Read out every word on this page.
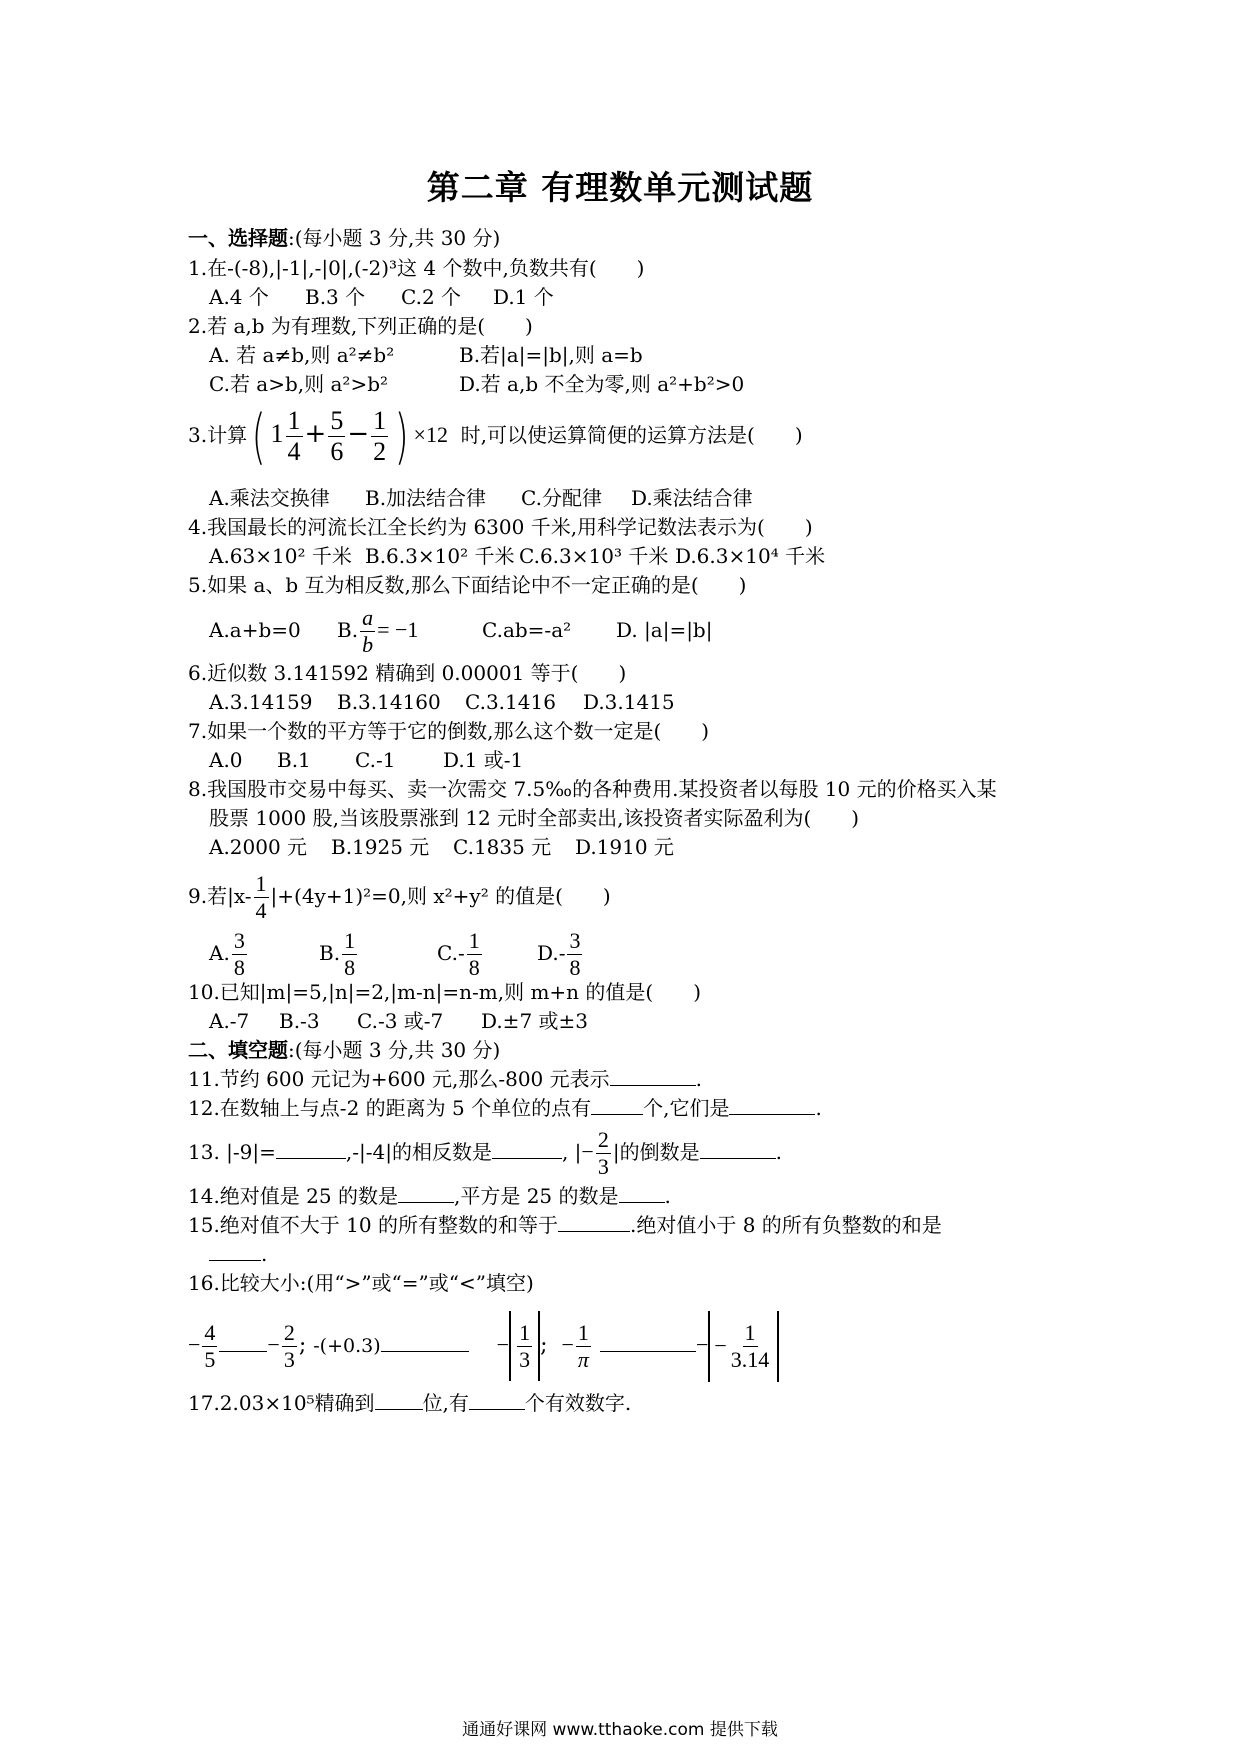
第二章 有理数单元测试题
一、选择题:(每小题 3 分,共 30 分)
1.在-(-8),|-1|,-|0|,(-2)³这 4 个数中,负数共有(　　)
A.4 个 B.3 个 C.2 个 D.1 个
2.若 a,b 为有理数,下列正确的是(　　)
A. 若 a≠b,则 a²≠b²	B.若|a|=|b|,则 a=b
C.若 a>b,则 a²>b²	D.若 a,b 不全为零,则 a²+b²>0
3.计算( $1 \frac{1}{4} + \frac{5}{6} - \frac{1}{2}$ ) ×12 时,可以使运算简便的运算方法是(　　)
A.乘法交换律 B.加法结合律 C.分配律 D.乘法结合律
4.我国最长的河流长江全长约为 6300 千米,用科学记数法表示为(　　)
A.63×10² 千米 B.6.3×10² 千米 C.6.3×10³ 千米 D.6.3×10⁴ 千米
5.如果 a、b 互为相反数,那么下面结论中不一定正确的是(　　)
A.a+b=0 B. $\frac{a}{b} = -1$	C.ab=-a² D. |a|=|b|
6.近似数 3.141592 精确到 0.00001 等于(　　)
A.3.14159 B.3.14160 C.3.1416 D.3.1415
7.如果一个数的平方等于它的倒数,那么这个数一定是(　　)
A.0 B.1 C.-1 D.1 或-1
8.我国股市交易中每买、卖一次需交 7.5‰的各种费用.某投资者以每股 10 元的价格买入某
股票 1000 股,当该股票涨到 12 元时全部卖出,该投资者实际盈利为(　　)
A.2000 元 B.1925 元 C.1835 元 D.1910 元
9.若$|x- \frac{1}{4} |+(4y+1)^2=0$,则 x²+y² 的值是(　　)
A. $\frac{3}{8}$	B. $\frac{1}{8}$	$C.- \frac{1}{8}$	$D.- \frac{3}{8}$
10.已知|m|=5,|n|=2,|m-n|=n-m,则 m+n 的值是(　　)
A.-7 B.-3 C.-3 或-7 D.±7 或±3
二、填空题:(每小题 3 分,共 30 分)
11.节约 600 元记为+600 元,那么-800 元表示	.
12.在数轴上与点-2 的距离为 5 个单位的点有	个,它们是	.
13. |-9|=	,-|-4|的相反数是	, |− $\frac{2}{3}$ |的倒数是	.
14.绝对值是 25 的数是	,平方是 25 的数是 .
15.绝对值不大于 10 的所有整数的和等于	.绝对值小于 8 的所有负整数的和是
.
16.比较大小:(用“>”或“=”或“<”填空)
− $\frac{4}{5} - \frac{2}{3}$ ; -(+0.3)	− $\frac{1}{3}$ ; − $\frac{1}{\pi}$	− − $\frac{1}{3.14}$
17.2.03×10⁵精确到 位,有	个有效数字.
通通好课网 www.tthaoke.com 提供下载
